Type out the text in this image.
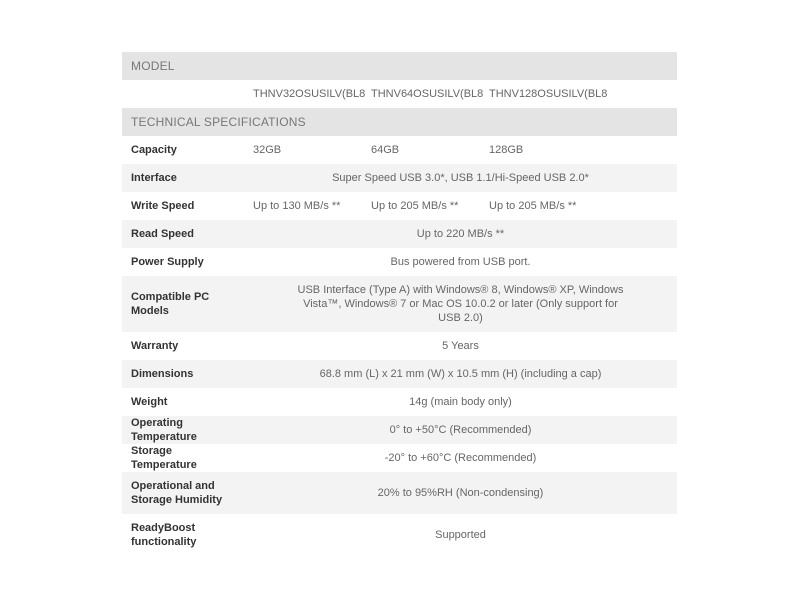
MODEL			
	THNV32OSUSILV(BL8	THNV64OSUSILV(BL8	THNV128OSUSILV(BL8
TECHNICAL SPECIFICATIONS			
Capacity	32GB	64GB	128GB
Interface	Super Speed USB 3.0*, USB 1.1/Hi-Speed USB 2.0*		
Write Speed	Up to 130 MB/s **	Up to 205 MB/s **	Up to 205 MB/s **
Read Speed	Up to 220 MB/s **		
Power Supply	Bus powered from USB port.		
Compatible PC Models	USB Interface (Type A) with Windows® 8, Windows® XP, Windows Vista™, Windows® 7 or Mac OS 10.0.2 or later (Only support for USB 2.0)		

Warranty	5 Years		
Dimensions	68.8 mm (L) x 21 mm (W) x 10.5 mm (H) (including a cap)		
Weight	14g (main body only)		
Operating Temperature	0° to +50°C (Recommended)		
Storage Temperature	-20° to +60°C (Recommended)		
Operational and Storage Humidity	20% to 95%RH (Non-condensing)		
ReadyBoost functionality	Supported		
